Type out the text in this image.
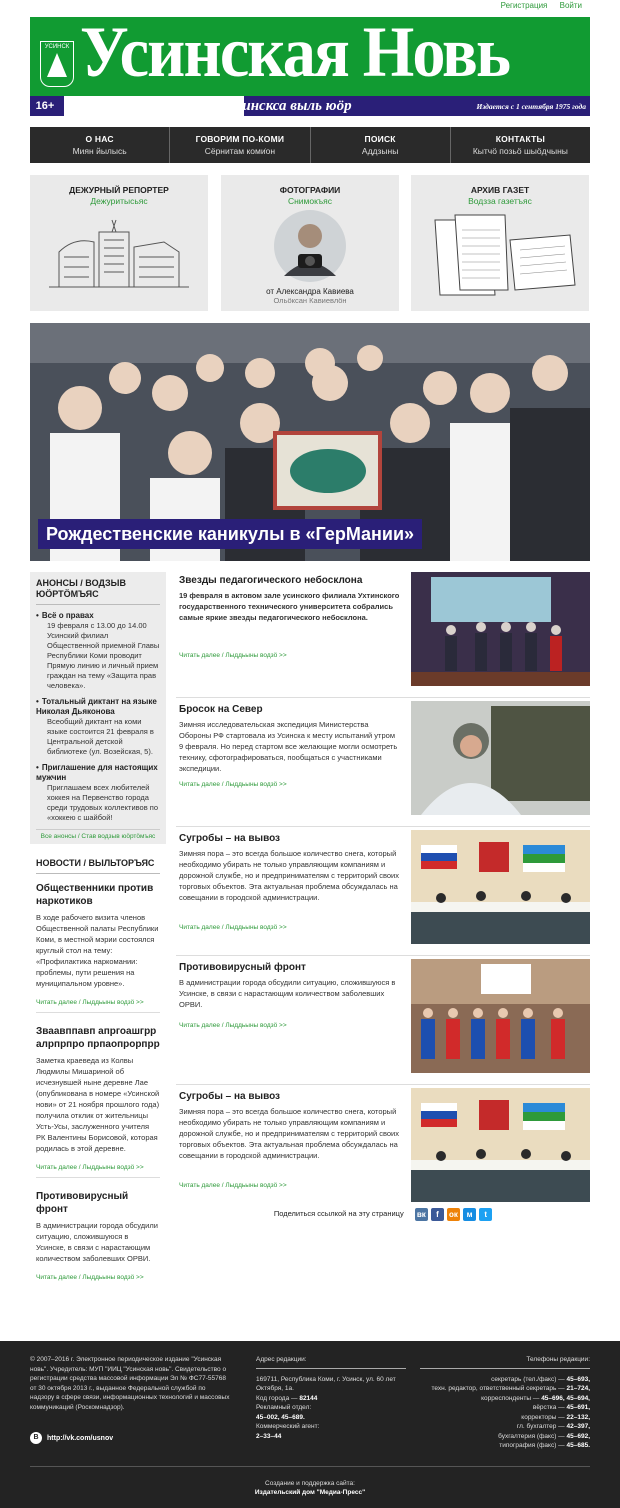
Регистрация Войти
16+
УСИНСК Усинская Новь
Усинскса выль юӧр	Издается с 1 сентября 1975 года
О НАС
Миян йылысь
ГОВОРИМ ПО-КОМИ
Сёрнитам коми̇он
ПОИСК
Аддзыны
КОНТАКТЫ
Кытчӧ позьӧ шыӧдчыны
ДЕЖУРНЫЙ РЕПОРТЕР
Дежуритысьяс
ФОТОГРАФИИ
Снимокъяс
от Александра Кавиева
Ольӧксан Кавиевлӧн
АРХИВ ГАЗЕТ
Водзза газетъяс
Рождественские каникулы в «ГерМании»
АНОНСЫ / ВОДЗЫВ ЮӦРТӦМЪЯС
• Всё о правах

19 февраля с 13.00 до 14.00 Усинский филиал Общественной приемной Главы Республики Коми проводит Прямую линию и личный прием граждан на тему «Защита прав человека».

• Тотальный диктант на языке Николая Дьяконова

Всеобщий диктант на коми языке состоится 21 февраля в Центральной детской библиотеке (ул. Возейская, 5).

• Приглашение для настоящих мужчин

Приглашаем всех любителей хоккея на Первенство города среди трудовых коллективов по «хоккею с шайбой!

Все анонсы / Став водзыв юӧртӧмъяс
НОВОСТИ / ВЫЛЬТОРЪЯС
Общественники против наркотиков

В ходе рабочего визита членов Общественной палаты Республики Коми, в местной мэрии состоялся круглый стол на тему: «Профилактика наркомании: проблемы, пути решения на муниципальном уровне».

Читать далее / Лыддьыны водзӧ >>
Зваавппавп апргоашгрр алрпрпро прпаопрорпрр

Заметка краеведа из Колвы Людмилы Мишариной об исчезнувшей ныне деревне Лае (опубликована в номере «Усинской нови» от 21 ноября прошлого года) получила отклик от жительницы Усть-Усы, заслуженного учителя РК Валентины Борисовой, которая родилась в этой деревне.

Читать далее / Лыддьыны водзӧ >>
Противовирусный фронт

В администрации города обсудили ситуацию, сложившуюся в Усинске, в связи с нарастающим количеством заболевших ОРВИ.

Читать далее / Лыддьыны водзӧ >>
Звезды педагогического небосклона

19 февраля в актовом зале усинского филиала Ухтинского государственного технического университета собрались самые яркие звезды педагогического небосклона.

Читать далее / Лыддьыны водзӧ >>
Бросок на Север

Зимняя исследовательская экспедиция Министерства Обороны РФ стартовала из Усинска к месту испытаний утром 9 февраля. Но перед стартом все желающие могли осмотреть технику, сфотографироваться, пообщаться с участниками экспедиции.

Читать далее / Лыддьыны водзӧ >>
Сугробы – на вывоз

Зимняя пора – это всегда большое количество снега, который необходимо убирать не только управляющим компаниям и дорожной службе, но и предпринимателям с территорий своих торговых объектов. Эта актуальная проблема обсуждалась на совещании в городской администрации.

Читать далее / Лыддьыны водзӧ >>
Противовирусный фронт

В администрации города обсудили ситуацию, сложившуюся в Усинске, в связи с нарастающим количеством заболевших ОРВИ.

Читать далее / Лыддьыны водзӧ >>
Сугробы – на вывоз

Зимняя пора – это всегда большое количество снега, который необходимо убирать не только управляющим компаниям и дорожной службе, но и предпринимателям с территорий своих торговых объектов. Эта актуальная проблема обсуждалась на совещании в городской администрации.

Читать далее / Лыддьыны водзӧ >>
Поделиться ссылкой на эту страницу вк f ок м t
© 2007–2016 г. Электронное периодическое издание "Усинская новь". Учредитель: МУП "ИИЦ "Усинская новь". Свидетельство о регистрации средства массовой информации Эл № ФС77-55768 от 30 октября 2013 г., выданное Федеральной службой по надзору в сфере связи, информационных технологий и массовых коммуникаций (Роскомнадзор).
В http://vk.com/usnov
Адрес редакции:
169711, Республика Коми, г. Усинск, ул. 60 лет Октября, 1а.
Код города — 82144
Рекламный отдел:
45–002, 45–689.
Коммерческий агент:
2–33–44
Телефоны редакции:
секретарь (тел./факс) — 45–693,
техн. редактор, ответственный секретарь — 21–724,
корреспонденты — 45–696, 45–694,
вёрстка — 45–691,
корректоры — 22–132,
гл. бухгалтер — 42–397,
бухгалтерия (факс) — 45–692,
типография (факс) — 45–685.
Создание и поддержка сайта:
Издательский дом "Медиа-Пресс"
